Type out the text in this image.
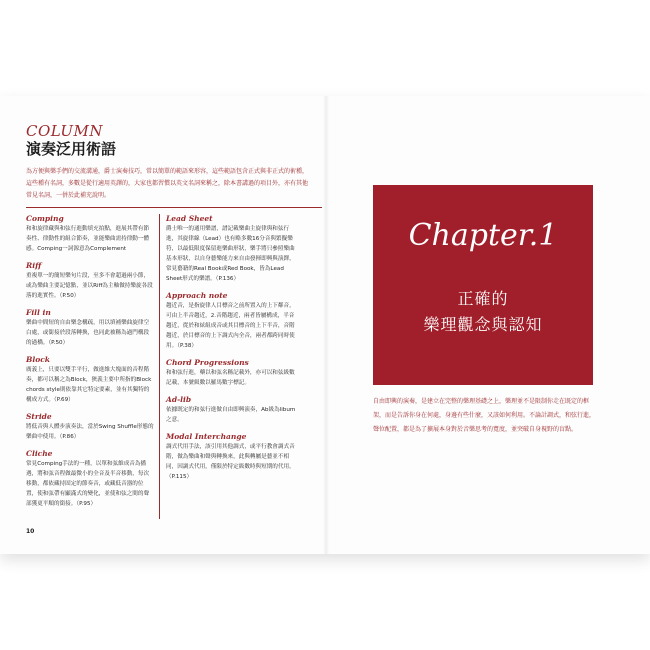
COLUMN
演奏泛用術語
為方便與樂手們的交流溝通，爵士演奏技巧，常以簡單的範語來形容，這些範語包含正式與非正式的術種，這些種有名詞，多數是從行適用英譯的，大家也都習慣以英文名詞來稱之，除本書講過的項目外，亦有其他常見名詞，一併於此補充說明。
Comping
和和旋律藏與和弦行進動填充拍點，進展其帶有節奏性、律動性的組合節奏，並能樂曲需持律動一體感。Comping一詞源意為Complement
Riff
重複單一的簡短樂句片段，至多不會超過兩小節，或為樂曲主要記憶點，並以Riff為主軸做持樂旋各段落的進實性。（P.50）
Fill in
樂曲中間短的自由樂念構疏，用以填補樂曲旋律空白處，或銜接於段落轉換，也同此被稱為過門構段的過橋。（P.50）
Block
廣義上，只要以雙手平行，做進維大塊面的音程階奏，都可以稱之為Block，狹義主要中所指的Block chords style則依靠其它特定要素，並有其獨特的構成方式。（P.69）
Stride
將低音與人體步演奏法，當於Swing Shuffle形態的樂曲中使用。（P.86）
Cliche
常見Comping手法的一種，以單和弦維成音為播遇，將和弦音程做最微小的全音及半音移動，每次移動，都依藏持固定的節奏音，或藏低音器的位置，使和弦帶有顯滿式的變化，並使和弦之間的聲部獲更平順的銜接。（P.95）
Lead Sheet
爵士唯一的通用樂譜，譜記載樂曲主旋律與和弦行進，其旋律線（Lead）也有略多數16分音與繁擬樂符，以最低限度保留進樂曲形狀，樂手將只參照樂曲基本形狀，以自身藝樂能力來自由發揮即興與演繹，常見藝籍的Real Book或Red Book，皆為Lead Sheet形式的樂譜。（P.136）
Approach note
趨近音，是指旋律人目標音之前所置入的上下鄰音，可由上半音趨近，2.音階趨近，兩者皆屬構成，半音趨近，從於和絃組成音或其目標音的上下半音，音階趨近，於目標音的上下調式內全音，兩者都跨同時使用。（P.38）
Chord Progressions
和和弦行進，藥以和弦名稱記載外，亦可以和弦級數記載，本號級數以羅馬數字標記。
Ad-lib
依據既定的和弦行進做自由即興演奏，Ab級為libum之意。
Modal Interchange
調式代用手法，該引用其他調式，或平行教會調式音階，做為樂曲和聲與轉換來，此與轉屬是藝並不相同，因調式代用，僅限於特定級數時與短期的代用。（P.115）
10
Chapter.1
正確的
樂理觀念與認知
自由即興的演奏，是建立在完整的樂理基礎之上，樂理並不是限制你走在既定的框架，而是告訴你身在何處，身邊有些什麼，又該如何利用。不論計調式，和弦行進，聲位配置，都是為了擴展本身對於音樂思考的寬度，並突破自身視野的盲點。
